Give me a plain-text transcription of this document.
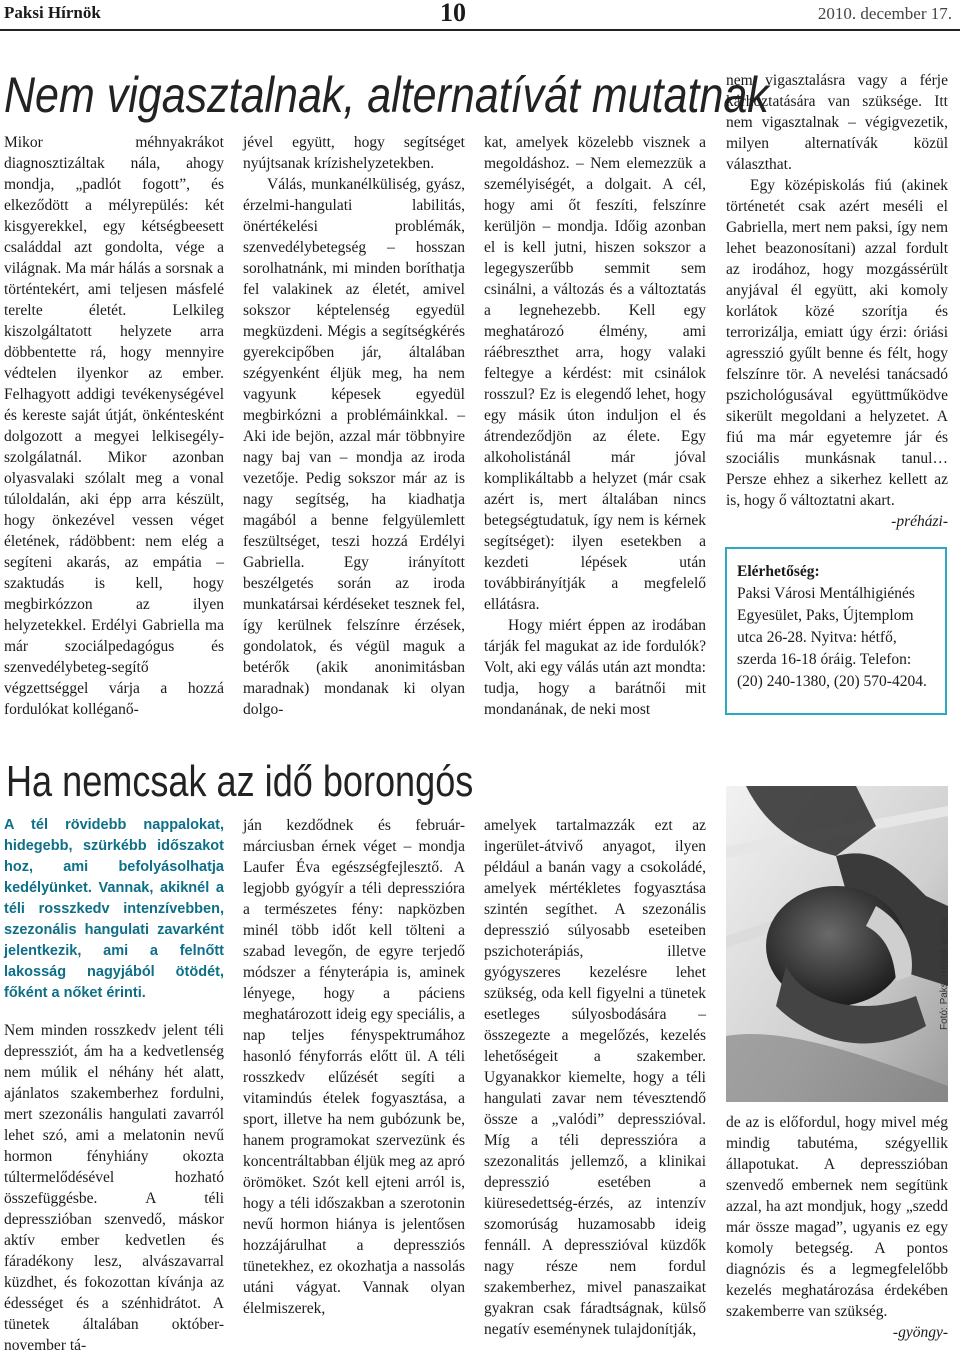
Paksi Hírnök	10	2010. december 17.
Nem vigasztalnak, alternatívát mutatnak

Mikor méhnyakrákot diagnosztizáltak nála, ahogy mondja, „padlót fogott”, és elkeződött a mélyrepülés: két kisgyerekkel, egy kétségbeesett családdal azt gondolta, vége a világnak. Ma már hálás a sorsnak a történtekért, ami teljesen másfelé terelte életét. Lelkileg kiszolgáltatott helyzete arra döbbentette rá, hogy mennyire védtelen ilyenkor az ember. Felhagyott addigi tevékenységével és kereste saját útját, önkéntesként dolgozott a megyei lelkisegély-szolgálatnál. Mikor azonban olyasvalaki szólalt meg a vonal túloldalán, aki épp arra készült, hogy önkezével vessen véget életének, rádöbbent: nem elég a segíteni akarás, az empátia – szaktudás is kell, hogy megbirkózzon az ilyen helyzetekkel. Erdélyi Gabriella ma már szociálpedagógus és szenvedélybeteg-segítő végzettséggel várja a hozzá fordulókat kolléganő-

jével együtt, hogy segítséget nyújtsanak krízishelyzetekben.

Válás, munkanélküliség, gyász, érzelmi-hangulati labilitás, önértékelési problémák, szenvedélybetegség – hosszan sorolhatnánk, mi minden boríthatja fel valakinek az életét, amivel sokszor képtelenség egyedül megküzdeni. Mégis a segítségkérés gyerekcipőben jár, általában szégyenként éljük meg, ha nem vagyunk képesek egyedül megbirkózni a problémáinkkal. – Aki ide bejön, azzal már többnyire nagy baj van – mondja az iroda vezetője. Pedig sokszor már az is nagy segítség, ha kiadhatja magából a benne felgyülemlett feszültséget, teszi hozzá Erdélyi Gabriella. Egy irányított beszélgetés során az iroda munkatársai kérdéseket tesznek fel, így kerülnek felszínre érzések, gondolatok, és végül maguk a betérők (akik anonimitásban maradnak) mondanak ki olyan dolgo-

kat, amelyek közelebb visznek a megoldáshoz. – Nem elemezzük a személyiségét, a dolgait. A cél, hogy ami őt feszíti, felszínre kerüljön – mondja. Időig azonban el is kell jutni, hiszen sokszor a legegyszerűbb semmit sem csinálni, a változás és a változtatás a legnehezebb. Kell egy meghatározó élmény, ami ráébreszthet arra, hogy valaki feltegye a kérdést: mit csinálok rosszul? Ez is elegendő lehet, hogy egy másik úton induljon el és átrendeződjön az élete. Egy alkoholistánál már jóval komplikáltabb a helyzet (már csak azért is, mert általában nincs betegségtudatuk, így nem is kérnek segítséget): ilyen esetekben a kezdeti lépések után továbbirányítják a megfelelő ellátásra.

Hogy miért éppen az irodában tárják fel magukat az ide fordulók? Volt, aki egy válás után azt mondta: tudja, hogy a barátnői mit mondanának, de neki most

nem vigasztalásra vagy a férje kárhoztatására van szüksége. Itt nem vigasztalnak – végigvezetik, milyen alternatívák közül választhat.

Egy középiskolás fiú (akinek történetét csak azért meséli el Gabriella, mert nem paksi, így nem lehet beazonosítani) azzal fordult az irodához, hogy mozgássérült anyjával él együtt, aki komoly korlátok közé szorítja és terrorizálja, emiatt úgy érzi: óriási agresszió gyűlt benne és félt, hogy felszínre tör. A nevelési tanácsadó pszichológusával együttműködve sikerült megoldani a helyzetet. A fiú ma már egyetemre jár és szociális munkásnak tanul… Persze ehhez a sikerhez kellett az is, hogy ő változtatni akart.

-préházi-

Elérhetőség:
Paksi Városi Mentálhigiénés Egyesület, Paks, Újtemplom utca 26-28. Nyitva: hétfő, szerda 16-18 óráig. Telefon: (20) 240-1380, (20) 570-4204.
Ha nemcsak az idő borongós

A tél rövidebb nappalokat, hidegebb, szürkébb időszakot hoz, ami befolyásolhatja kedélyünket. Vannak, akiknél a téli rosszkedv intenzívebben, szezonális hangulati zavarként jelentkezik, ami a felnőtt lakosság nagyjából ötödét, főként a nőket érinti.

Nem minden rosszkedv jelent téli depressziót, ám ha a kedvetlenség nem múlik el néhány hét alatt, ajánlatos szakemberhez fordulni, mert szezonális hangulati zavarról lehet szó, ami a melatonin nevű hormon fényhiány okozta túltermelődésével hozható összefüggésbe. A téli depresszióban szenvedő, máskor aktív ember kedvetlen és fáradékony lesz, alvászavarral küzdhet, és fokozottan kívánja az édességet és a szénhidrátot. A tünetek általában október-november tá-

ján kezdődnek és február-márciusban érnek véget – mondja Laufer Éva egészségfejlesztő. A legjobb gyógyír a téli depresszióra a természetes fény: napközben minél több időt kell tölteni a szabad levegőn, de egyre terjedő módszer a fényterápia is, aminek lényege, hogy a páciens meghatározott ideig egy speciális, a nap teljes fényspektrumához hasonló fényforrás előtt ül. A téli rosszkedv elűzését segíti a vitamindús ételek fogyasztása, a sport, illetve ha nem gubózunk be, hanem programokat szervezünk és koncentráltabban éljük meg az apró örömöket. Szót kell ejteni arról is, hogy a téli időszakban a szerotonin nevű hormon hiánya is jelentősen hozzájárulhat a depressziós tünetekhez, ez okozhatja a nassolás utáni vágyat. Vannak olyan élelmiszerek,

amelyek tartalmazzák ezt az ingerület-átvivő anyagot, ilyen például a banán vagy a csokoládé, amelyek mértékletes fogyasztása szintén segíthet. A szezonális depresszió súlyosabb eseteiben pszichoterápiás, illetve gyógyszeres kezelésre lehet szükség, oda kell figyelni a tünetek esetleges súlyosbodására – összegezte a megelőzés, kezelés lehetőségeit a szakember. Ugyanakkor kiemelte, hogy a téli hangulati zavar nem tévesztendő össze a „valódi” depresszióval. Míg a téli depresszióra a szezonalitás jellemző, a klinikai depresszió esetében a kiüresedettség-érzés, az intenzív szomorúság huzamosabb ideig fennáll. A depresszióval küzdők nagy része nem fordul szakemberhez, mivel panaszaikat gyakran csak fáradtságnak, külső negatív eseménynek tulajdonítják,

Fotó: Paksi Hírnök archív

de az is előfordul, hogy mivel még mindig tabutéma, szégyellik állapotukat. A depresszióban szenvedő embernek nem segítünk azzal, ha azt mondjuk, hogy „szedd már össze magad”, ugyanis ez egy komoly betegség. A pontos diagnózis és a legmegfelelőbb kezelés meghatározása érdekében szakemberre van szükség.

-gyöngy-
